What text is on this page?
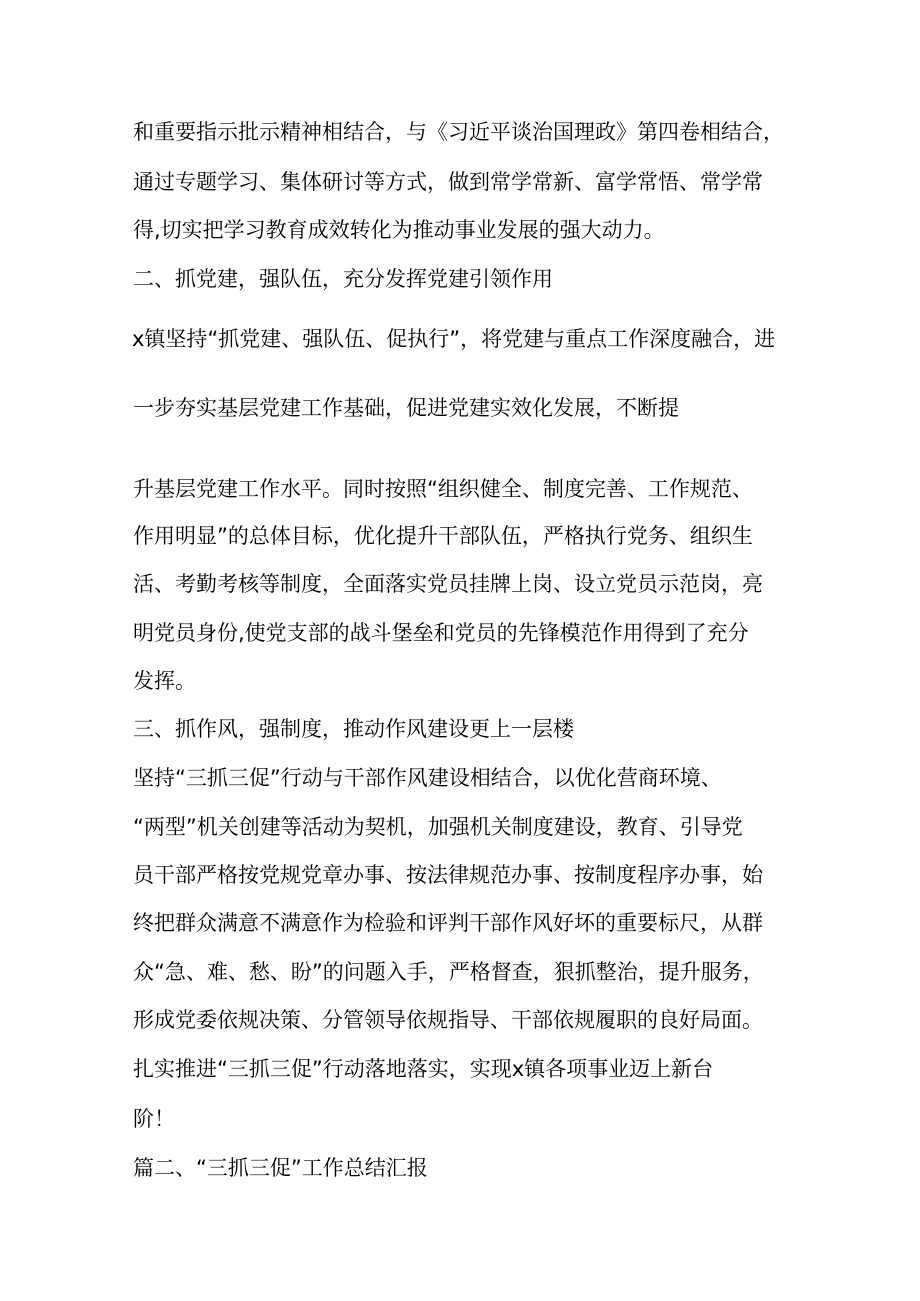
和重要指示批示精神相结合，与《习近平谈治国理政》第四卷相结合，
通过专题学习、集体研讨等方式，做到常学常新、富学常悟、常学常
得,切实把学习教育成效转化为推动事业发展的强大动力。
二、抓党建，强队伍，充分发挥党建引领作用
x镇坚持“抓党建、强队伍、促执行”，将党建与重点工作深度融合，进
一步夯实基层党建工作基础，促进党建实效化发展，不断提
升基层党建工作水平。同时按照“组织健全、制度完善、工作规范、
作用明显”的总体目标，优化提升干部队伍，严格执行党务、组织生
活、考勤考核等制度，全面落实党员挂牌上岗、设立党员示范岗，亮
明党员身份,使党支部的战斗堡垒和党员的先锋模范作用得到了充分
发挥。
三、抓作风，强制度，推动作风建设更上一层楼
坚持“三抓三促”行动与干部作风建设相结合，以优化营商环境、
“两型”机关创建等活动为契机，加强机关制度建设，教育、引导党
员干部严格按党规党章办事、按法律规范办事、按制度程序办事，始
终把群众满意不满意作为检验和评判干部作风好坏的重要标尺，从群
众“急、难、愁、盼”的问题入手，严格督查，狠抓整治，提升服务，
形成党委依规决策、分管领导依规指导、干部依规履职的良好局面。
扎实推进“三抓三促”行动落地落实，实现x镇各项事业迈上新台
阶！
篇二、“三抓三促”工作总结汇报
